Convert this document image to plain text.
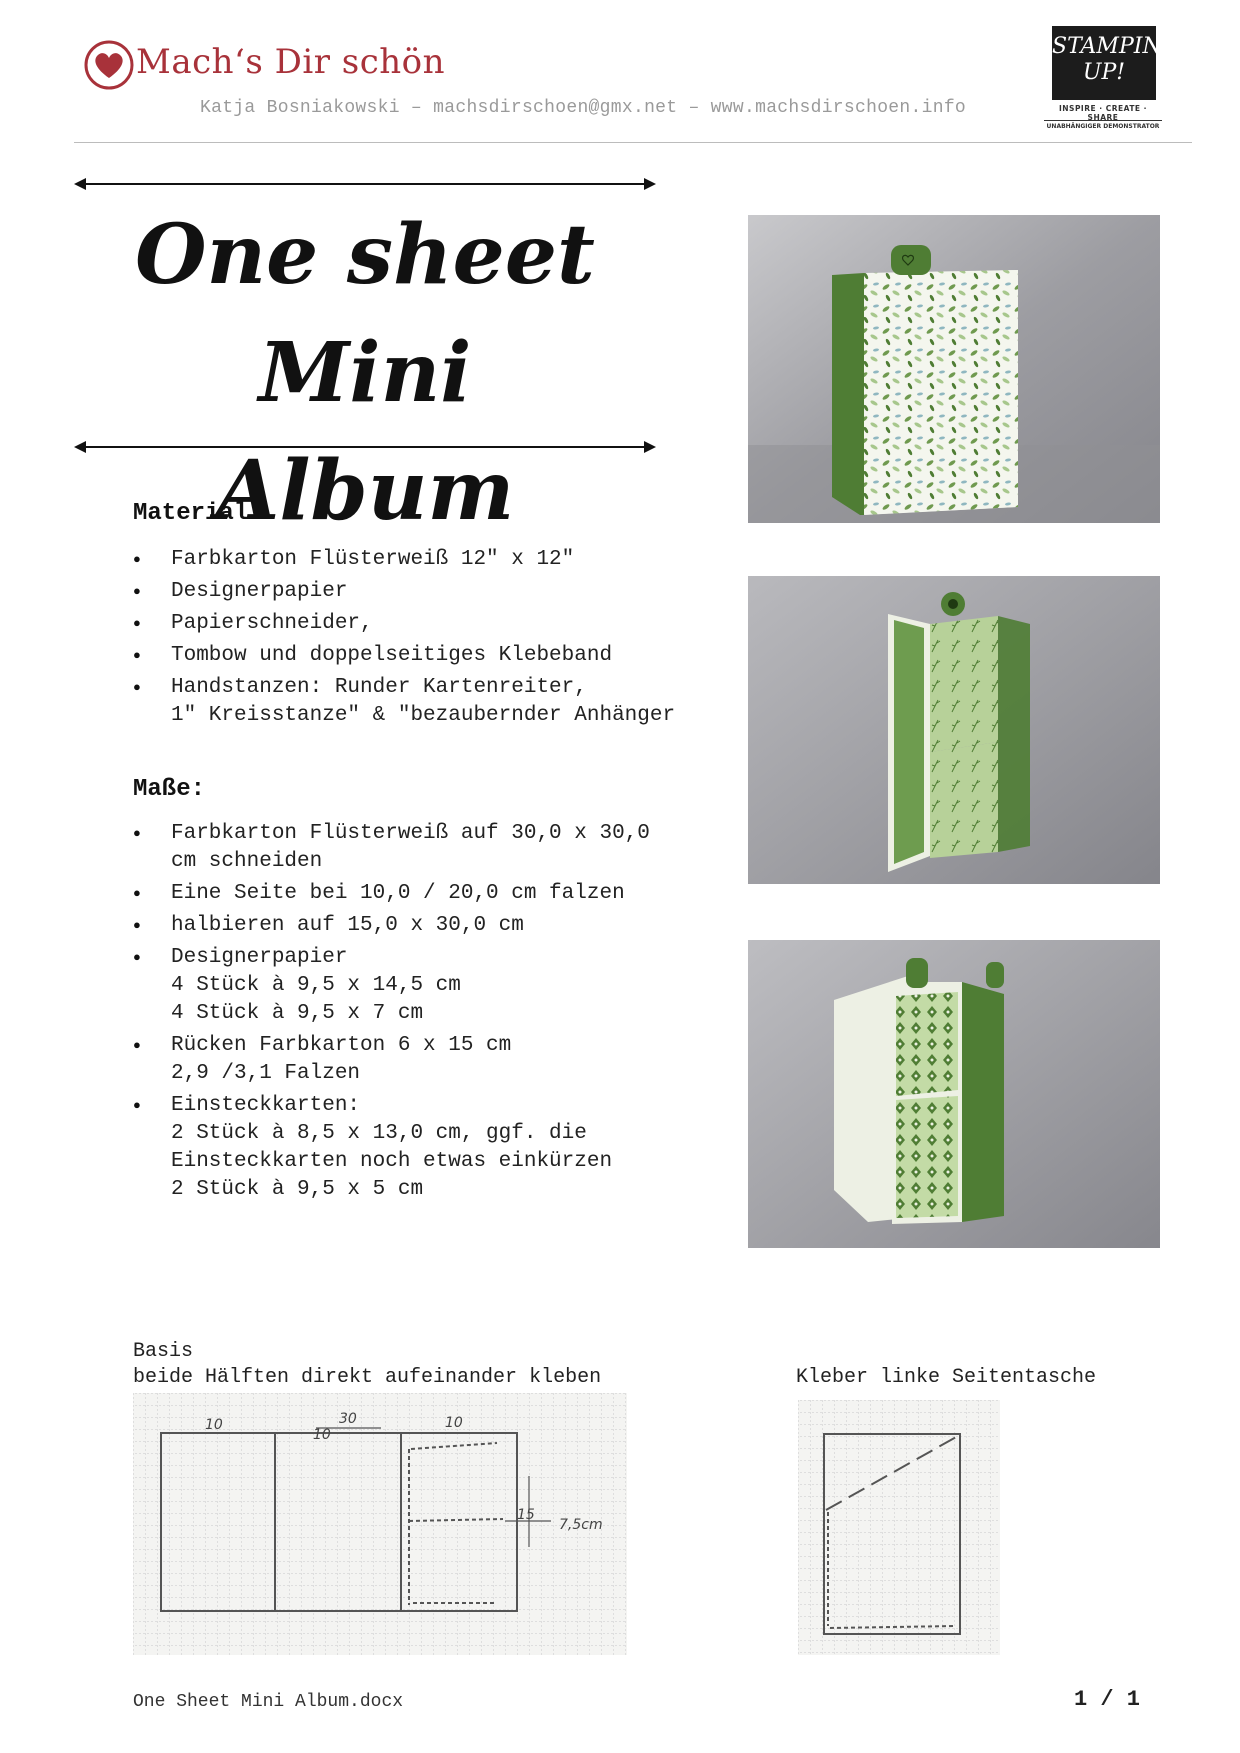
Mach‘s Dir schön
Katja Bosniakowski – machsdirschoen@gmx.net – www.machsdirschoen.info
STAMPIN' UP!
INSPIRE · CREATE · SHARE
UNABHÄNGIGER DEMONSTRATOR
One sheet Mini
Album
Material
● Farbkarton Flüsterweiß 12" x 12"
● Designerpapier
● Papierschneider,
● Tombow und doppelseitiges Klebeband
● Handstanzen: Runder Kartenreiter,
1" Kreisstanze" & "bezaubernder Anhänger
Maße:
● Farbkarton Flüsterweiß auf 30,0 x 30,0
cm schneiden
● Eine Seite bei 10,0 / 20,0 cm falzen
● halbieren auf 15,0 x 30,0 cm
● Designerpapier
4 Stück à 9,5 x 14,5 cm
4 Stück à 9,5 x 7 cm
● Rücken Farbkarton 6 x 15 cm
2,9 /3,1 Falzen
● Einsteckkarten:
2 Stück à 8,5 x 13,0 cm, ggf. die
Einsteckkarten noch etwas einkürzen
2 Stück à 9,5 x 5 cm
Basis
beide Hälften direkt aufeinander kleben	Kleber linke Seitentasche
10
10
30	10
15
7,5cm
One Sheet Mini Album.docx	1 / 1
